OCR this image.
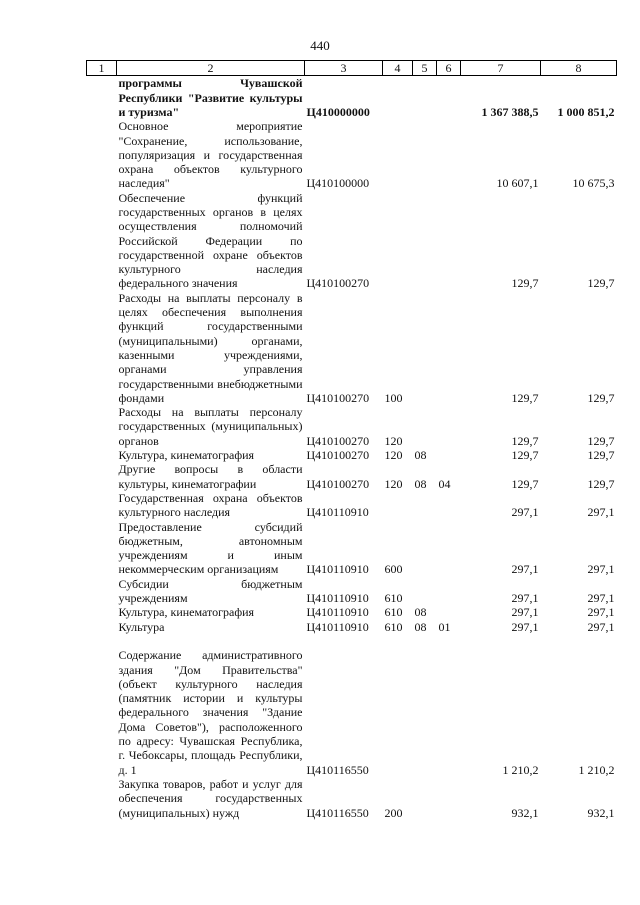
440
1	2	3	4	5	6	7	8
	программы Чувашской Республики "Развитие культуры и туризма"	Ц410000000				1 367 388,5	1 000 851,2
	Основное мероприятие "Сохранение, использование, популяризация и государственная охрана объектов культурного наследия"	Ц410100000				10 607,1	10 675,3
	Обеспечение функций государственных органов в целях осуществления полномочий Российской Федерации по государственной охране объектов культурного наследия федерального значения	Ц410100270				129,7	129,7
	Расходы на выплаты персоналу в целях обеспечения выполнения функций государственными (муниципальными) органами, казенными учреждениями, органами управления государственными внебюджетными фондами	Ц410100270	100			129,7	129,7
	Расходы на выплаты персоналу государственных (муниципальных) органов	Ц410100270	120			129,7	129,7
	Культура, кинематография	Ц410100270	120	08		129,7	129,7
	Другие вопросы в области культуры, кинематографии	Ц410100270	120	08	04	129,7	129,7
	Государственная охрана объектов культурного наследия	Ц410110910				297,1	297,1
	Предоставление субсидий бюджетным, автономным учреждениям и иным некоммерческим организациям	Ц410110910	600			297,1	297,1
	Субсидии бюджетным учреждениям	Ц410110910	610			297,1	297,1
	Культура, кинематография	Ц410110910	610	08		297,1	297,1
	Культура	Ц410110910	610	08	01	297,1	297,1
	Содержание административного здания "Дом Правительства" (объект культурного наследия (памятник истории и культуры федерального значения "Здание Дома Советов"), расположенного по адресу: Чувашская Республика, г. Чебоксары, площадь Республики, д. 1	Ц410116550				1 210,2	1 210,2
	Закупка товаров, работ и услуг для обеспечения государственных (муниципальных) нужд	Ц410116550	200			932,1	932,1
